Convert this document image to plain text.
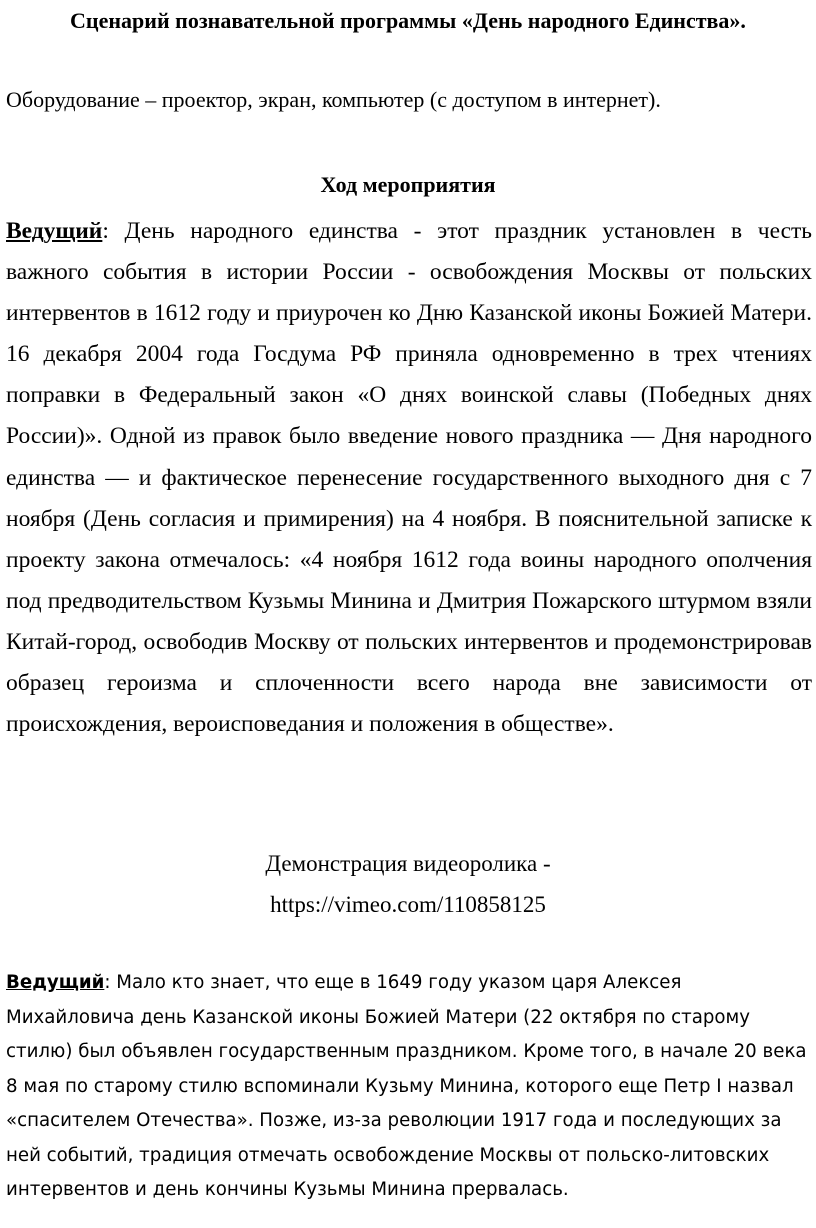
Сценарий познавательной программы «День народного Единства».

Оборудование – проектор, экран, компьютер (с доступом в интернет).

Ход мероприятия

Ведущий: День народного единства - этот праздник установлен в честь важного события в истории России - освобождения Москвы от польских интервентов в 1612 году и приурочен ко Дню Казанской иконы Божией Матери. 16 декабря 2004 года Госдума РФ приняла одновременно в трех чтениях поправки в Федеральный закон «О днях воинской славы (Победных днях России)». Одной из правок было введение нового праздника — Дня народного единства — и фактическое перенесение государственного выходного дня с 7 ноября (День согласия и примирения) на 4 ноября. В пояснительной записке к проекту закона отмечалось: «4 ноября 1612 года воины народного ополчения под предводительством Кузьмы Минина и Дмитрия Пожарского штурмом взяли Китай-город, освободив Москву от польских интервентов и продемонстрировав образец героизма и сплоченности всего народа вне зависимости от происхождения, вероисповедания и положения в обществе».

Демонстрация видеоролика -
https://vimeo.com/110858125

Ведущий: Мало кто знает, что еще в 1649 году указом царя Алексея Михайловича день Казанской иконы Божией Матери (22 октября по старому стилю) был объявлен государственным праздником. Кроме того, в начале 20 века 8 мая по старому стилю вспоминали Кузьму Минина, которого еще Петр I назвал «спасителем Отечества». Позже, из-за революции 1917 года и последующих за ней событий, традиция отмечать освобождение Москвы от польско-литовских интервентов и день кончины Кузьмы Минина прервалась.
